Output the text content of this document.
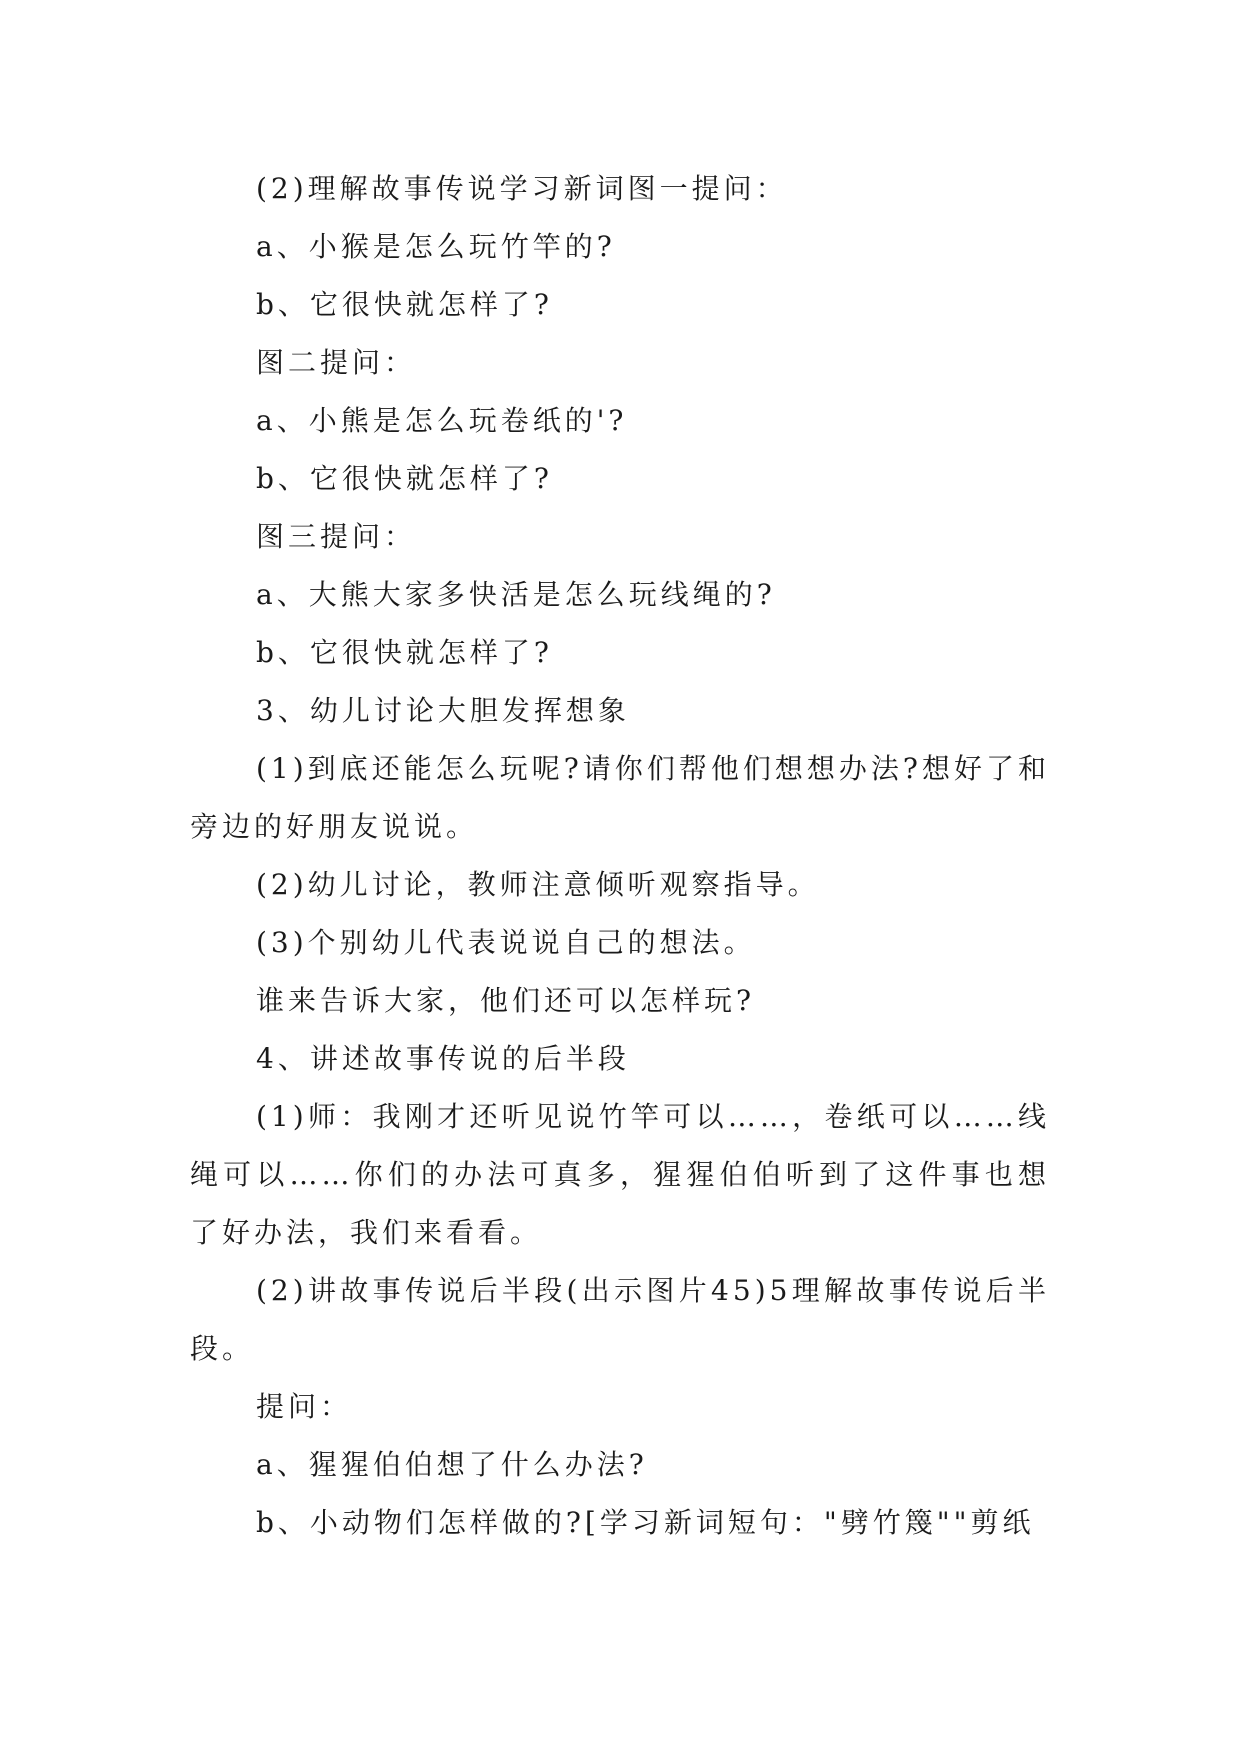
(2)理解故事传说学习新词图一提问：

a、小猴是怎么玩竹竿的?

b、它很快就怎样了?

图二提问：

a、小熊是怎么玩卷纸的'?

b、它很快就怎样了?

图三提问：

a、大熊大家多快活是怎么玩线绳的?

b、它很快就怎样了?

3、幼儿讨论大胆发挥想象

(1)到底还能怎么玩呢?请你们帮他们想想办法?想好了和旁边的好朋友说说。

(2)幼儿讨论，教师注意倾听观察指导。

(3)个别幼儿代表说说自己的想法。

谁来告诉大家，他们还可以怎样玩?

4、讲述故事传说的后半段

(1)师：我刚才还听见说竹竿可以……，卷纸可以……线绳可以……你们的办法可真多，猩猩伯伯听到了这件事也想了好办法，我们来看看。

(2)讲故事传说后半段(出示图片45)5理解故事传说后半段。

提问：

a、猩猩伯伯想了什么办法?

b、小动物们怎样做的?[学习新词短句："劈竹篾""剪纸
